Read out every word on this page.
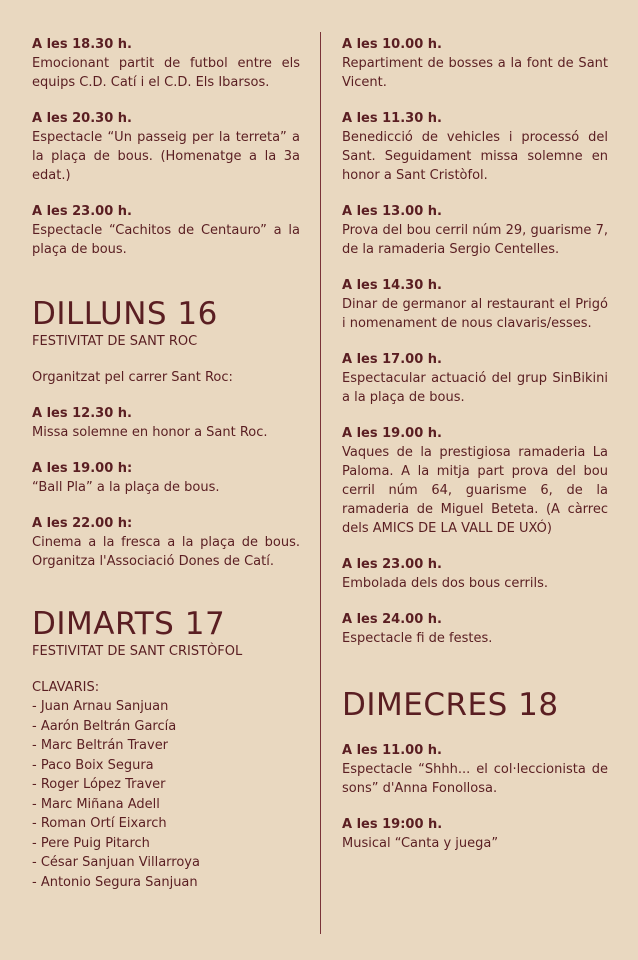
A les 18.30 h.
Emocionant partit de futbol entre els equips C.D. Catí i el C.D. Els Ibarsos.
A les 20.30 h.
Espectacle “Un passeig per la terreta” a la plaça de bous. (Homenatge a la 3a edat.)
A les 23.00 h.
Espectacle “Cachitos de Centauro” a la plaça de bous.
DILLUNS 16
FESTIVITAT DE SANT ROC
Organitzat pel carrer Sant Roc:
A les 12.30 h.
Missa solemne en honor a Sant Roc.
A les 19.00 h:
“Ball Pla” a la plaça de bous.
A les 22.00 h:
Cinema a la fresca a la plaça de bous. Organitza l'Associació Dones de Catí.
DIMARTS 17
FESTIVITAT DE SANT CRISTÒFOL
CLAVARIS:
- Juan Arnau Sanjuan
- Aarón Beltrán García
- Marc Beltrán Traver
- Paco Boix Segura
- Roger López Traver
- Marc Miñana Adell
- Roman Ortí Eixarch
- Pere Puig Pitarch
- César Sanjuan Villarroya
- Antonio Segura Sanjuan
A les 10.00 h.
Repartiment de bosses a la font de Sant Vicent.
A les 11.30 h.
Benedicció de vehicles i processó del Sant. Seguidament missa solemne en honor a Sant Cristòfol.
A les 13.00 h.
Prova del bou cerril núm 29, guarisme 7, de la ramaderia Sergio Centelles.
A les 14.30 h.
Dinar de germanor al restaurant el Prigó i nomenament de nous clavaris/esses.
A les 17.00 h.
Espectacular actuació del grup SinBikini a la plaça de bous.
A les 19.00 h.
Vaques de la prestigiosa ramaderia La Paloma. A la mitja part prova del bou cerril núm 64, guarisme 6, de la ramaderia de Miguel Beteta. (A càrrec dels AMICS DE LA VALL DE UXÓ)
A les 23.00 h.
Embolada dels dos bous cerrils.
A les 24.00 h.
Espectacle fi de festes.
DIMECRES 18
A les 11.00 h.
Espectacle “Shhh... el col·leccionista de sons” d'Anna Fonollosa.
A les 19:00 h.
Musical “Canta y juega”
